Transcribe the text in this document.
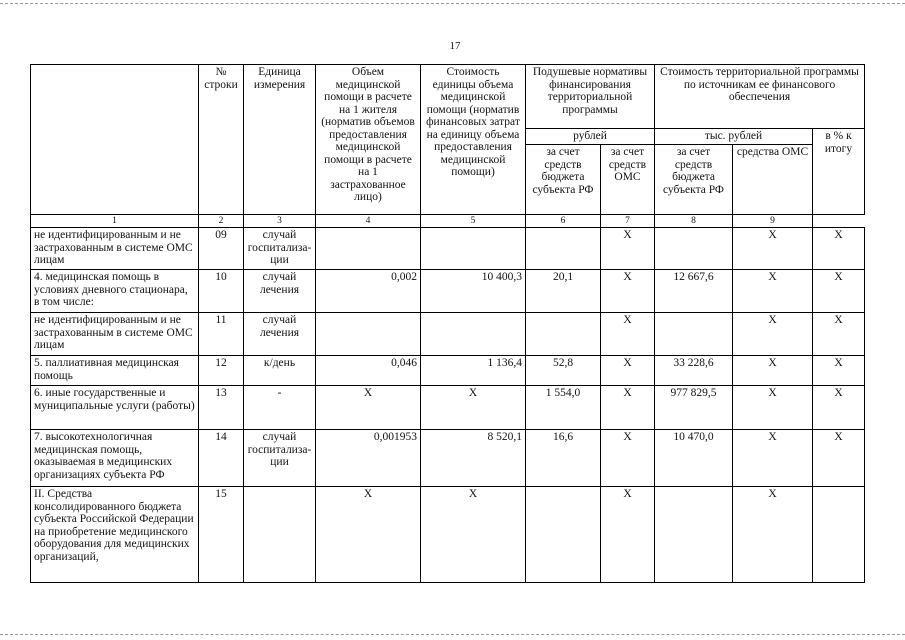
17
	№ строки	Единица измерения	Объем медицинской помощи в расчете на 1 жителя (норматив объемов предоставления медицинской помощи в расчете на 1 застрахованное лицо)	Стоимость единицы объема медицинской помощи (норматив финансовых затрат на единицу объема предоставления медицинской помощи)	Подушевые нормативы финансирования территориальной программы		Стоимость территориальной программы по источникам ее финансового обеспечения		
					рублей		тыс. рублей		в % к итогу
					за счет средств бюджета субъекта РФ	за счет средств ОМС	за счет средств бюджета субъекта РФ	средства ОМС	
1	2	3	4	5	6	7	8	9	
не идентифицированным и не застрахованным в системе ОМС лицам	09	случай госпитализа-ции				Х		Х	Х
4. медицинская помощь в условиях дневного стационара, в том числе:	10	случай лечения	0,002	10 400,3	20,1	Х	12 667,6	Х	Х
не идентифицированным и не застрахованным в системе ОМС лицам	11	случай лечения				Х		Х	Х
5. паллиативная медицинская помощь	12	к/день	0,046	1 136,4	52,8	Х	33 228,6	Х	Х
6. иные государственные и муниципальные услуги (работы)	13	-	Х	Х	1 554,0	Х	977 829,5	Х	Х
7. высокотехнологичная медицинская помощь, оказываемая в медицинских организациях субъекта РФ	14	случай госпитализа-ции	0,001953	8 520,1	16,6	Х	10 470,0	Х	Х
II. Средства консолидированного бюджета субъекта Российской Федерации на приобретение медицинского оборудования для медицинских организаций,	15		Х	Х		Х		Х	
